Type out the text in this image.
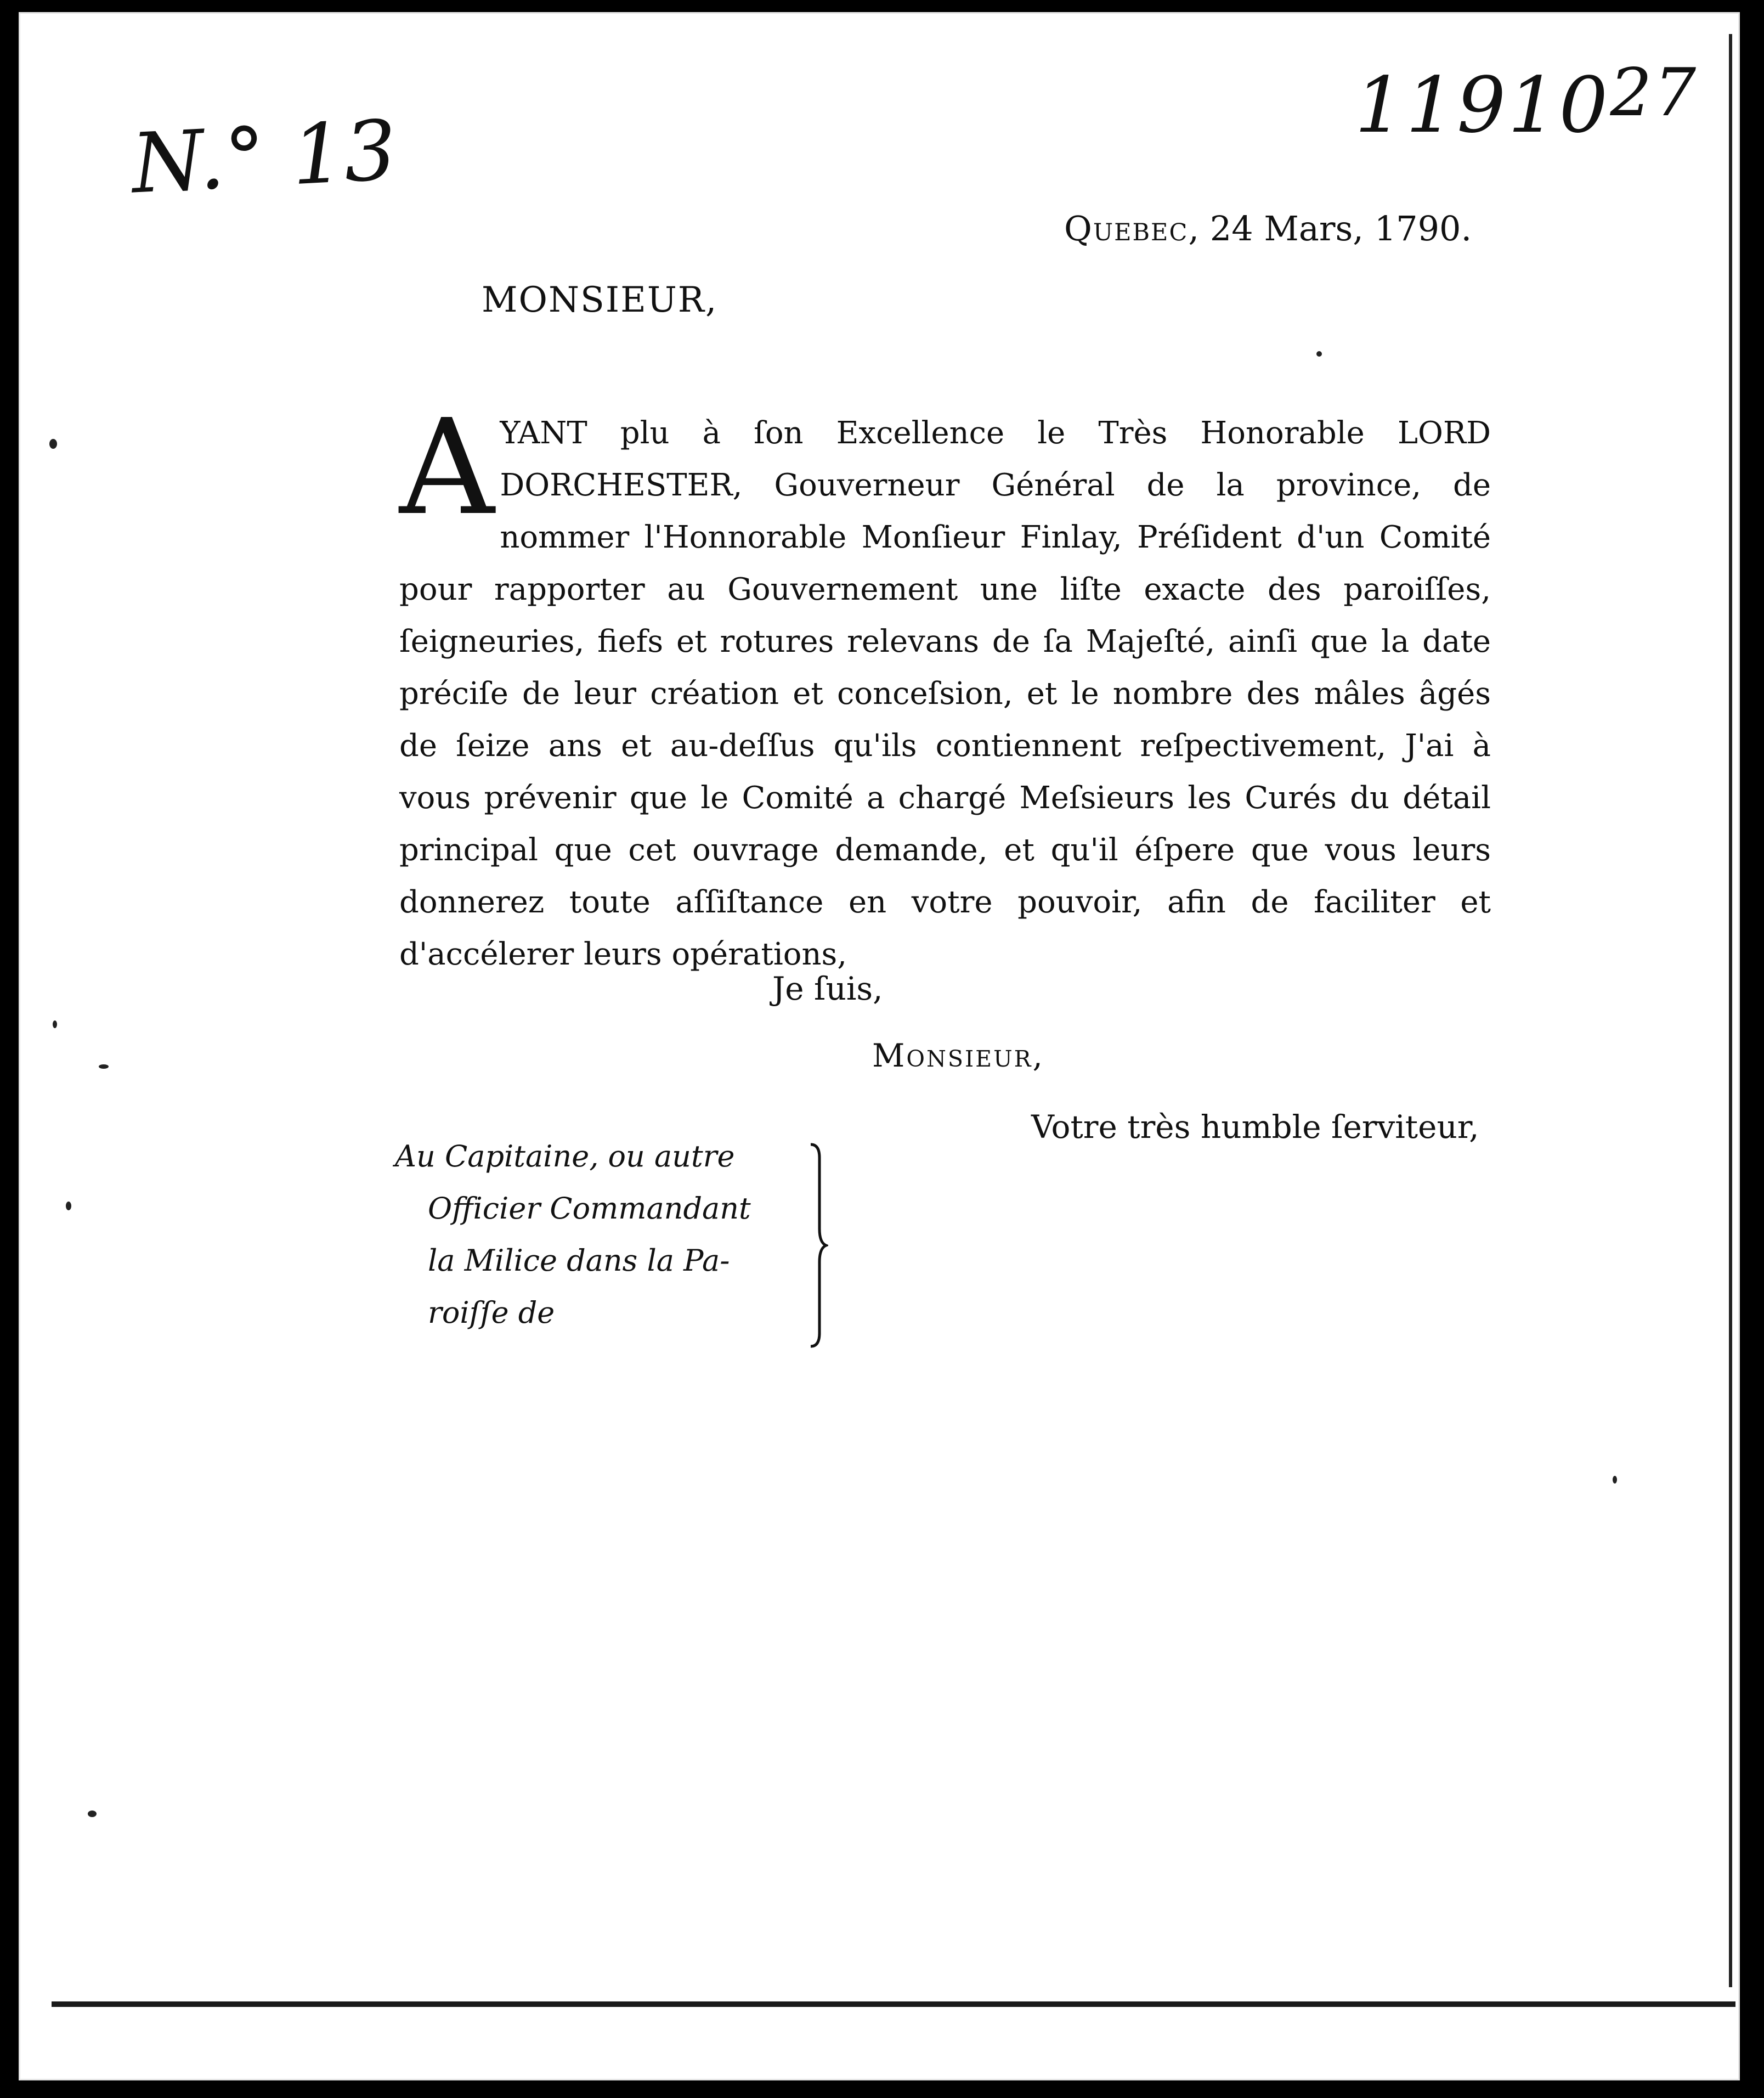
N.° 13	11910$^{27}$
Quebec, 24 Mars, 1790.
MONSIEUR,
AYANT plu à ſon Excellence le Très Honorable LORD DORCHESTER, Gouverneur Général de la province, de nommer l'Honnorable Monſieur Finlay, Préſident d'un Comité pour rapporter au Gouvernement une liſte exacte des paroiſſes, ſeigneuries, fiefs et rotures relevans de ſa Majeſté, ainſi que la date préciſe de leur création et conceſsion, et le nombre des mâles âgés de ſeize ans et au-deſſus qu'ils contiennent reſpectivement, J'ai à vous prévenir que le Comité a chargé Meſsieurs les Curés du détail principal que cet ouvrage demande, et qu'il éſpere que vous leurs donnerez toute aſſiſtance en votre pouvoir, afin de faciliter et d'accélerer leurs opérations,
Je ſuis,
Monsieur,
Votre très humble ſerviteur,
Au Capitaine, ou autre
Officier Commandant
la Milice dans la Pa-
roiſſe de
